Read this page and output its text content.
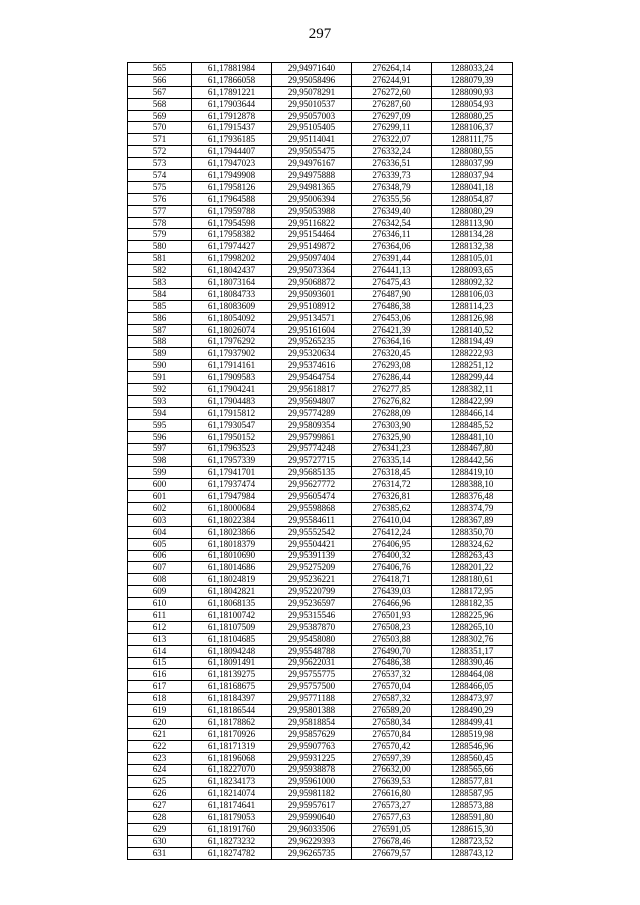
297
565	61,17881984	29,94971640	276264,14	1288033,24
566	61,17866058	29,95058496	276244,91	1288079,39
567	61,17891221	29,95078291	276272,60	1288090,93
568	61,17903644	29,95010537	276287,60	1288054,93
569	61,17912878	29,95057003	276297,09	1288080,25
570	61,17915437	29,95105405	276299,11	1288106,37
571	61,17936185	29,95114041	276322,07	1288111,75
572	61,17944407	29,95055475	276332,24	1288080,55
573	61,17947023	29,94976167	276336,51	1288037,99
574	61,17949908	29,94975888	276339,73	1288037,94
575	61,17958126	29,94981365	276348,79	1288041,18
576	61,17964588	29,95006394	276355,56	1288054,87
577	61,17959788	29,95053988	276349,40	1288080,29
578	61,17954598	29,95116822	276342,54	1288113,90
579	61,17958382	29,95154464	276346,11	1288134,28
580	61,17974427	29,95149872	276364,06	1288132,38
581	61,17998202	29,95097404	276391,44	1288105,01
582	61,18042437	29,95073364	276441,13	1288093,65
583	61,18073164	29,95068872	276475,43	1288092,32
584	61,18084733	29,95093601	276487,90	1288106,03
585	61,18083609	29,95108912	276486,38	1288114,23
586	61,18054092	29,95134571	276453,06	1288126,98
587	61,18026074	29,95161604	276421,39	1288140,52
588	61,17976292	29,95265235	276364,16	1288194,49
589	61,17937902	29,95320634	276320,45	1288222,93
590	61,17914161	29,95374616	276293,08	1288251,12
591	61,17909583	29,95464754	276286,44	1288299,44
592	61,17904241	29,95618817	276277,85	1288382,11
593	61,17904483	29,95694807	276276,82	1288422,99
594	61,17915812	29,95774289	276288,09	1288466,14
595	61,17930547	29,95809354	276303,90	1288485,52
596	61,17950152	29,95799861	276325,90	1288481,10
597	61,17963523	29,95774248	276341,23	1288467,80
598	61,17957339	29,95727715	276335,14	1288442,56
599	61,17941701	29,95685135	276318,45	1288419,10
600	61,17937474	29,95627772	276314,72	1288388,10
601	61,17947984	29,95605474	276326,81	1288376,48
602	61,18000684	29,95598868	276385,62	1288374,79
603	61,18022384	29,95584611	276410,04	1288367,89
604	61,18023866	29,95552542	276412,24	1288350,70
605	61,18018379	29,95504421	276406,95	1288324,62
606	61,18010690	29,95391139	276400,32	1288263,43
607	61,18014686	29,95275209	276406,76	1288201,22
608	61,18024819	29,95236221	276418,71	1288180,61
609	61,18042821	29,95220799	276439,03	1288172,95
610	61,18068135	29,95236597	276466,96	1288182,35
611	61,18100742	29,95315546	276501,93	1288225,96
612	61,18107509	29,95387870	276508,23	1288265,10
613	61,18104685	29,95458080	276503,88	1288302,76
614	61,18094248	29,95548788	276490,70	1288351,17
615	61,18091491	29,95622031	276486,38	1288390,46
616	61,18139275	29,95755775	276537,32	1288464,08
617	61,18168675	29,95757500	276570,04	1288466,05
618	61,18184397	29,95771188	276587,32	1288473,97
619	61,18186544	29,95801388	276589,20	1288490,29
620	61,18178862	29,95818854	276580,34	1288499,41
621	61,18170926	29,95857629	276570,84	1288519,98
622	61,18171319	29,95907763	276570,42	1288546,96
623	61,18196068	29,95931225	276597,39	1288560,45
624	61,18227070	29,95938878	276632,00	1288565,66
625	61,18234173	29,95961000	276639,53	1288577,81
626	61,18214074	29,95981182	276616,80	1288587,95
627	61,18174641	29,95957617	276573,27	1288573,88
628	61,18179053	29,95990640	276577,63	1288591,80
629	61,18191760	29,96033506	276591,05	1288615,30
630	61,18273232	29,96229393	276678,46	1288723,52
631	61,18274782	29,96265735	276679,57	1288743,12
